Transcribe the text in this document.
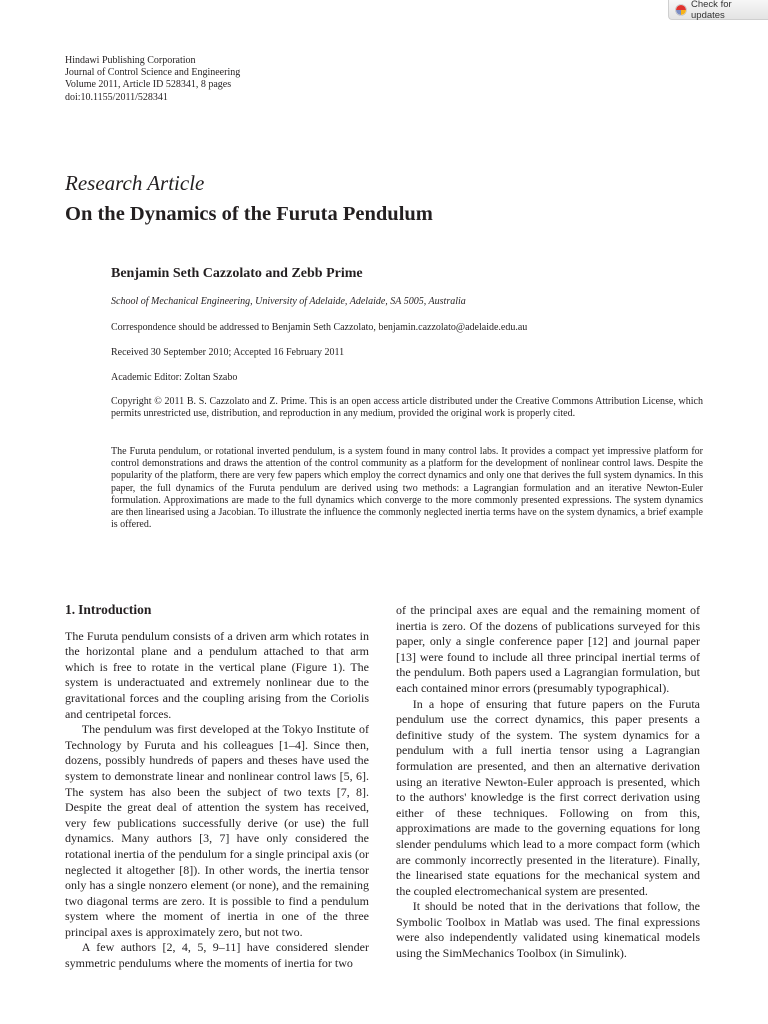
Check for updates
Hindawi Publishing Corporation
Journal of Control Science and Engineering
Volume 2011, Article ID 528341, 8 pages
doi:10.1155/2011/528341
Research Article
On the Dynamics of the Furuta Pendulum
Benjamin Seth Cazzolato and Zebb Prime
School of Mechanical Engineering, University of Adelaide, Adelaide, SA 5005, Australia
Correspondence should be addressed to Benjamin Seth Cazzolato, benjamin.cazzolato@adelaide.edu.au
Received 30 September 2010; Accepted 16 February 2011
Academic Editor: Zoltan Szabo
Copyright © 2011 B. S. Cazzolato and Z. Prime. This is an open access article distributed under the Creative Commons Attribution License, which permits unrestricted use, distribution, and reproduction in any medium, provided the original work is properly cited.
The Furuta pendulum, or rotational inverted pendulum, is a system found in many control labs. It provides a compact yet impressive platform for control demonstrations and draws the attention of the control community as a platform for the development of nonlinear control laws. Despite the popularity of the platform, there are very few papers which employ the correct dynamics and only one that derives the full system dynamics. In this paper, the full dynamics of the Furuta pendulum are derived using two methods: a Lagrangian formulation and an iterative Newton-Euler formulation. Approximations are made to the full dynamics which converge to the more commonly presented expressions. The system dynamics are then linearised using a Jacobian. To illustrate the influence the commonly neglected inertia terms have on the system dynamics, a brief example is offered.
1. Introduction

The Furuta pendulum consists of a driven arm which rotates in the horizontal plane and a pendulum attached to that arm which is free to rotate in the vertical plane (Figure 1). The system is underactuated and extremely nonlinear due to the gravitational forces and the coupling arising from the Coriolis and centripetal forces.

The pendulum was first developed at the Tokyo Institute of Technology by Furuta and his colleagues [1–4]. Since then, dozens, possibly hundreds of papers and theses have used the system to demonstrate linear and nonlinear control laws [5, 6]. The system has also been the subject of two texts [7, 8]. Despite the great deal of attention the system has received, very few publications successfully derive (or use) the full dynamics. Many authors [3, 7] have only considered the rotational inertia of the pendulum for a single principal axis (or neglected it altogether [8]). In other words, the inertia tensor only has a single nonzero element (or none), and the remaining two diagonal terms are zero. It is possible to find a pendulum system where the moment of inertia in one of the three principal axes is approximately zero, but not two.

A few authors [2, 4, 5, 9–11] have considered slender symmetric pendulums where the moments of inertia for two

of the principal axes are equal and the remaining moment of inertia is zero. Of the dozens of publications surveyed for this paper, only a single conference paper [12] and journal paper [13] were found to include all three principal inertial terms of the pendulum. Both papers used a Lagrangian formulation, but each contained minor errors (presumably typographical).

In a hope of ensuring that future papers on the Furuta pendulum use the correct dynamics, this paper presents a definitive study of the system. The system dynamics for a pendulum with a full inertia tensor using a Lagrangian formulation are presented, and then an alternative derivation using an iterative Newton-Euler approach is presented, which to the authors' knowledge is the first correct derivation using either of these techniques. Following on from this, approximations are made to the governing equations for long slender pendulums which lead to a more compact form (which are commonly incorrectly presented in the literature). Finally, the linearised state equations for the mechanical system and the coupled electromechanical system are presented.

It should be noted that in the derivations that follow, the Symbolic Toolbox in Matlab was used. The final expressions were also independently validated using kinematical models using the SimMechanics Toolbox (in Simulink).
